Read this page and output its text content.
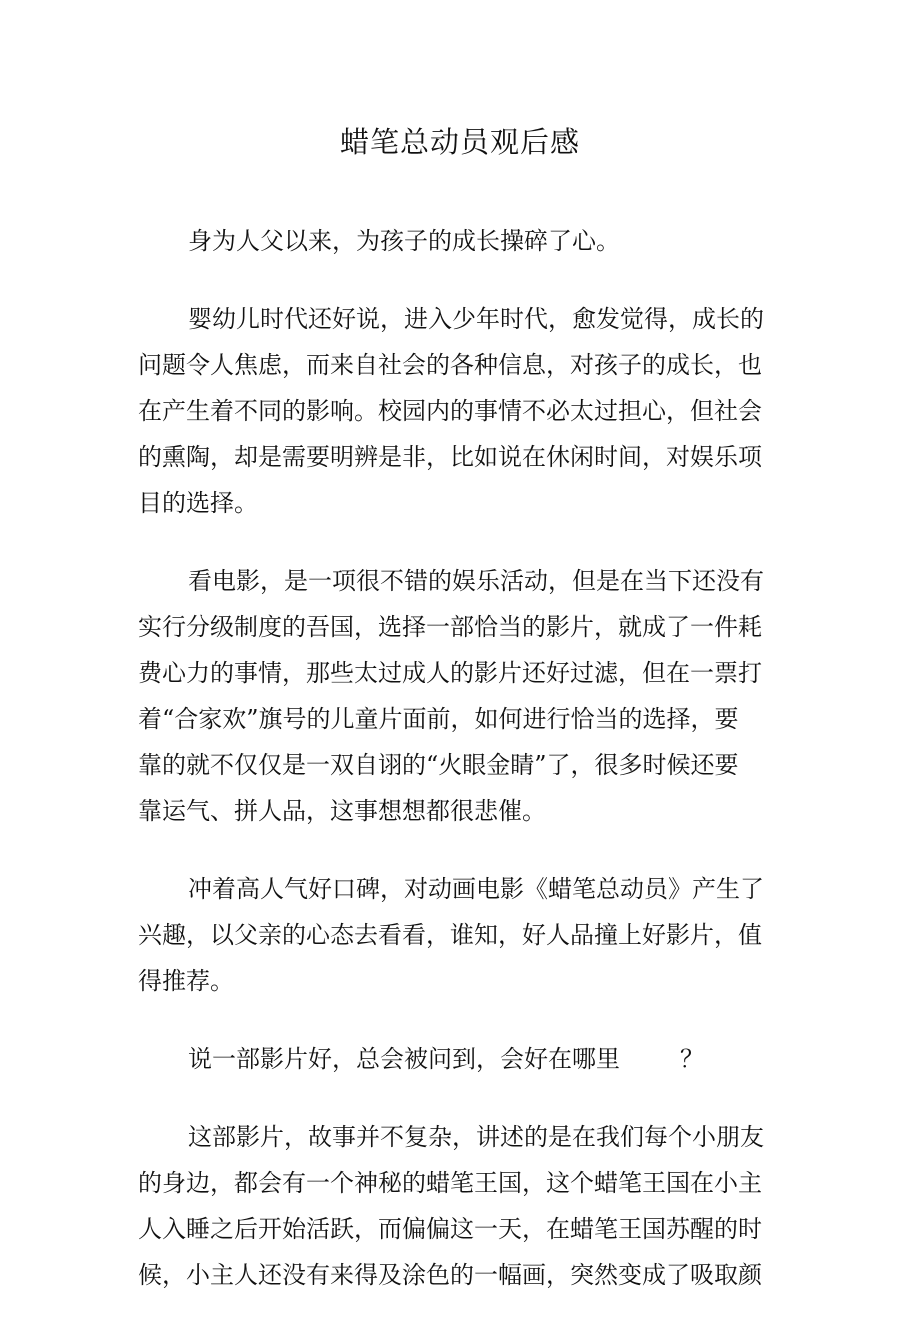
蜡笔总动员观后感
身为人父以来，为孩子的成长操碎了心。
婴幼儿时代还好说，进入少年时代，愈发觉得，成长的
问题令人焦虑，而来自社会的各种信息，对孩子的成长，也
在产生着不同的影响。校园内的事情不必太过担心，但社会
的熏陶，却是需要明辨是非，比如说在休闲时间，对娱乐项
目的选择。
看电影，是一项很不错的娱乐活动，但是在当下还没有
实行分级制度的吾国，选择一部恰当的影片，就成了一件耗
费心力的事情，那些太过成人的影片还好过滤，但在一票打
着“合家欢”旗号的儿童片面前，如何进行恰当的选择，要
靠的就不仅仅是一双自诩的“火眼金睛”了，很多时候还要
靠运气、拼人品，这事想想都很悲催。
冲着高人气好口碑，对动画电影《蜡笔总动员》产生了
兴趣，以父亲的心态去看看，谁知，好人品撞上好影片，值
得推荐。
说一部影片好，总会被问到，会好在哪里	？
这部影片，故事并不复杂，讲述的是在我们每个小朋友
的身边，都会有一个神秘的蜡笔王国，这个蜡笔王国在小主
人入睡之后开始活跃，而偏偏这一天，在蜡笔王国苏醒的时
候，小主人还没有来得及涂色的一幅画，突然变成了吸取颜
